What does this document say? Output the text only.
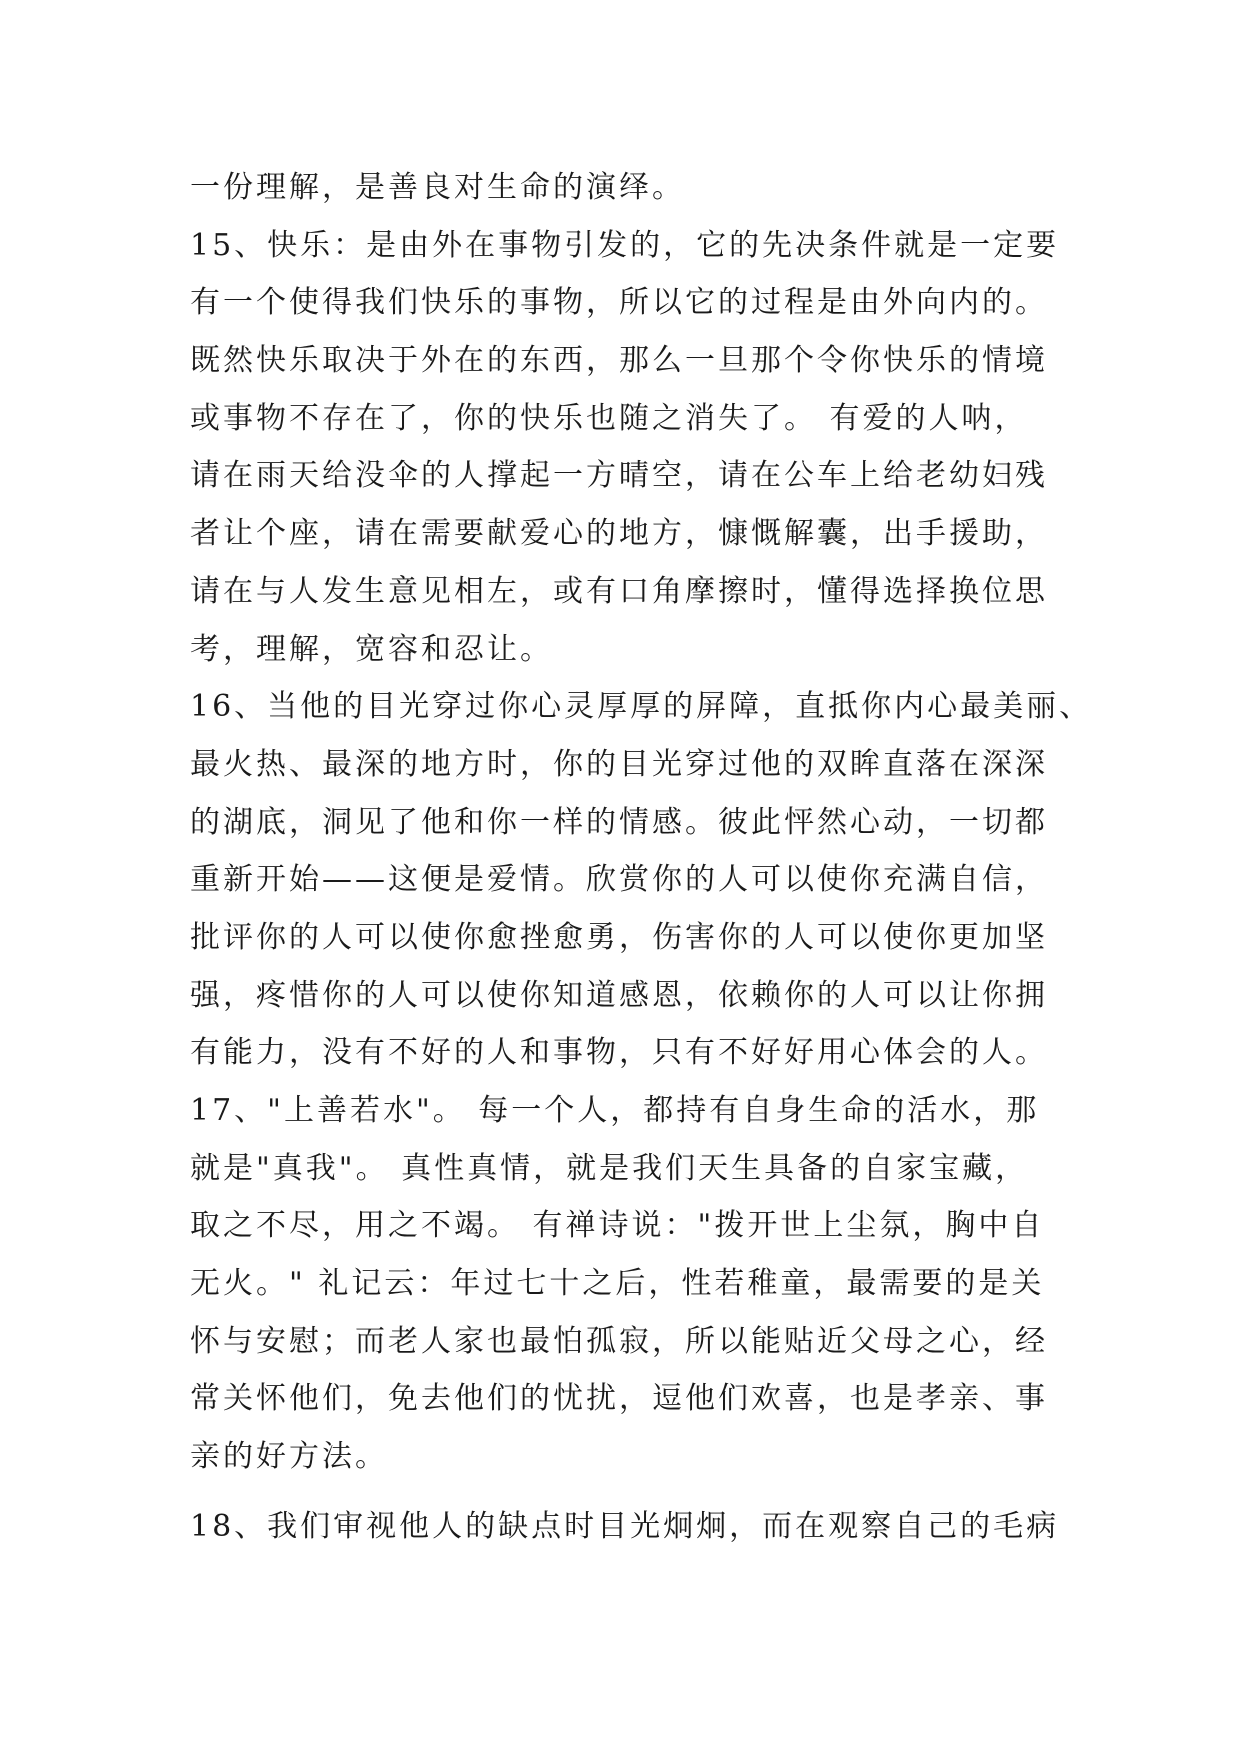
一份理解，是善良对生命的演绎。
15、快乐：是由外在事物引发的，它的先决条件就是一定要
有一个使得我们快乐的事物，所以它的过程是由外向内的。
既然快乐取决于外在的东西，那么一旦那个令你快乐的情境
或事物不存在了，你的快乐也随之消失了。 有爱的人呐，
请在雨天给没伞的人撑起一方晴空，请在公车上给老幼妇残
者让个座，请在需要献爱心的地方，慷慨解囊，出手援助，
请在与人发生意见相左，或有口角摩擦时，懂得选择换位思
考，理解，宽容和忍让。
16、当他的目光穿过你心灵厚厚的屏障，直抵你内心最美丽、
最火热、最深的地方时，你的目光穿过他的双眸直落在深深
的湖底，洞见了他和你一样的情感。彼此怦然心动，一切都
重新开始——这便是爱情。欣赏你的人可以使你充满自信，
批评你的人可以使你愈挫愈勇，伤害你的人可以使你更加坚
强，疼惜你的人可以使你知道感恩，依赖你的人可以让你拥
有能力，没有不好的人和事物，只有不好好用心体会的人。
17、"上善若水"。 每一个人，都持有自身生命的活水，那
就是"真我"。 真性真情，就是我们天生具备的自家宝藏，
取之不尽，用之不竭。 有禅诗说："拨开世上尘氛，胸中自
无火。" 礼记云：年过七十之后，性若稚童，最需要的是关
怀与安慰；而老人家也最怕孤寂，所以能贴近父母之心，经
常关怀他们，免去他们的忧扰，逗他们欢喜，也是孝亲、事
亲的好方法。
18、我们审视他人的缺点时目光炯炯，而在观察自己的毛病
